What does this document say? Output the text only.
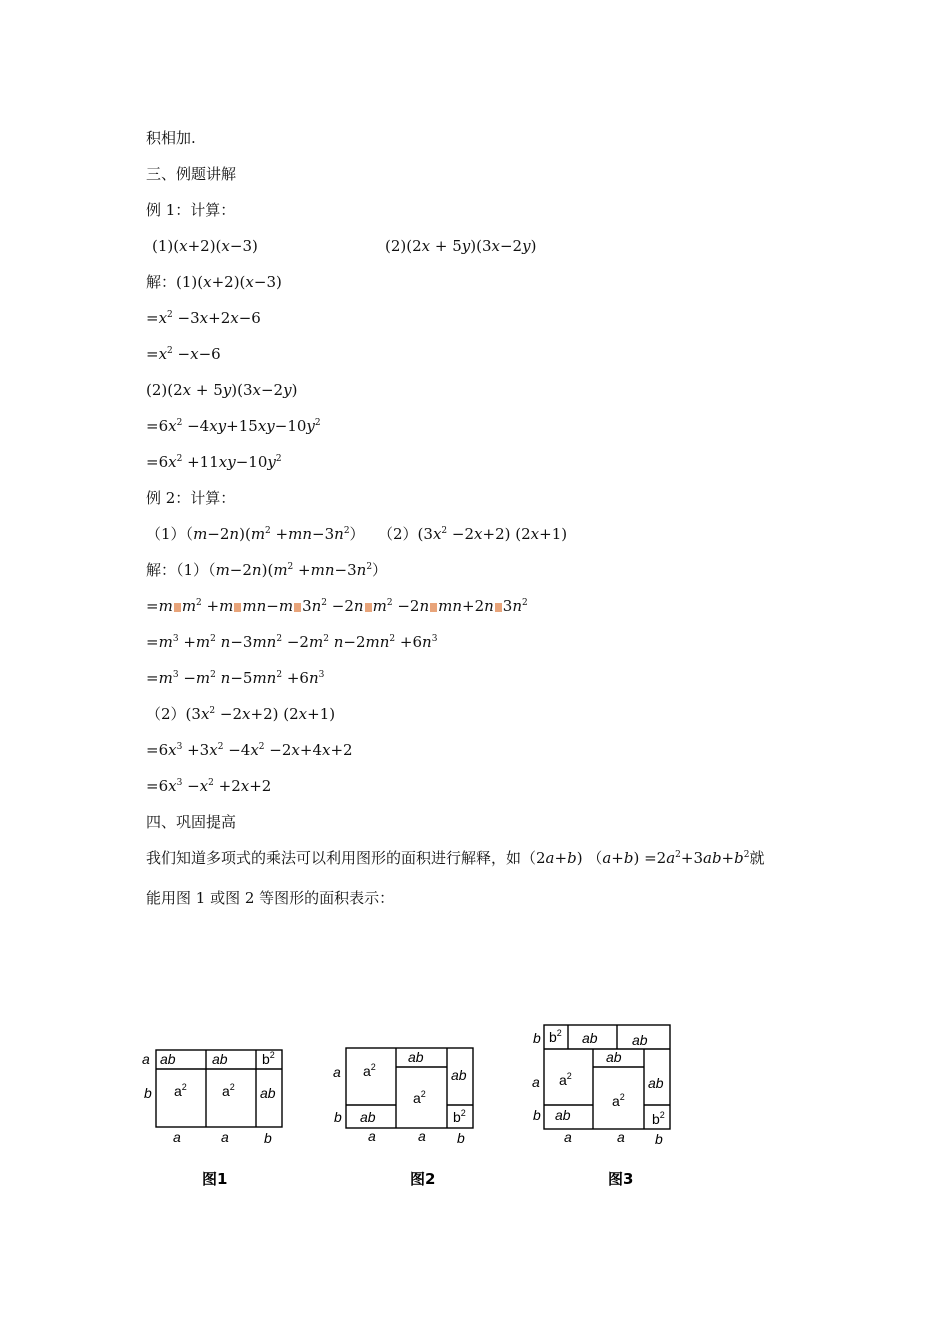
积相加.
三、例题讲解
例 1：计算：
(1)(x+2)(x−3)	(2)(2x + 5y)(3x−2y)
解：(1)(x+2)(x−3)
$=x^2 -3x+2x-6$
$=x^2 -x-6$
(2)(2x + 5y)(3x−2y)
$=6x^2 -4xy+15xy-10y^2$
$=6x^2 +11xy-10y^2$
例 2：计算：
$(1)(m-2n)(m^2 +mn-3n^2)$ $(2)(3x^2 -2x+2)$ (2x+1)
解：$(1)(m-2n)(m^2 +mn-3n^2)$
=m $m^2 +m$ mn−m $3n^2 -2n$ $m^2 -2n$ mn+2n $3n^2$
$=m^3 +m^2$ $n-3mn^2 -2m^2$ $n-2mn^2 +6n^3$
$=m^3 -m^2$ $n-5mn^2 +6n^3$
$(2)(3x^2 -2x+2)$ (2x+1)
$=6x^3 +3x^2 -4x^2 -2x+4x+2$
$=6x^3 -x^2 +2x+2$
四、巩固提高
我们知道多项式的乘法可以利用图形的面积进行解释，如（2a+b) $(a+b) =2a^2+3ab+b^2$就
能用图 1 或图 2 等图形的面积表示：
ab	ab $b^2$
$a^2$	$a^2$ ab
a
b
a	a	b
$a^2$
ab
$a^2$
ab
ab	$b^2$
a
b
a	a b
$b^2$ ab ab
ab
$a^2$
$a^2$
ab
ab	$b^2$
b
a
b
a	a b
图1	图2	图3
